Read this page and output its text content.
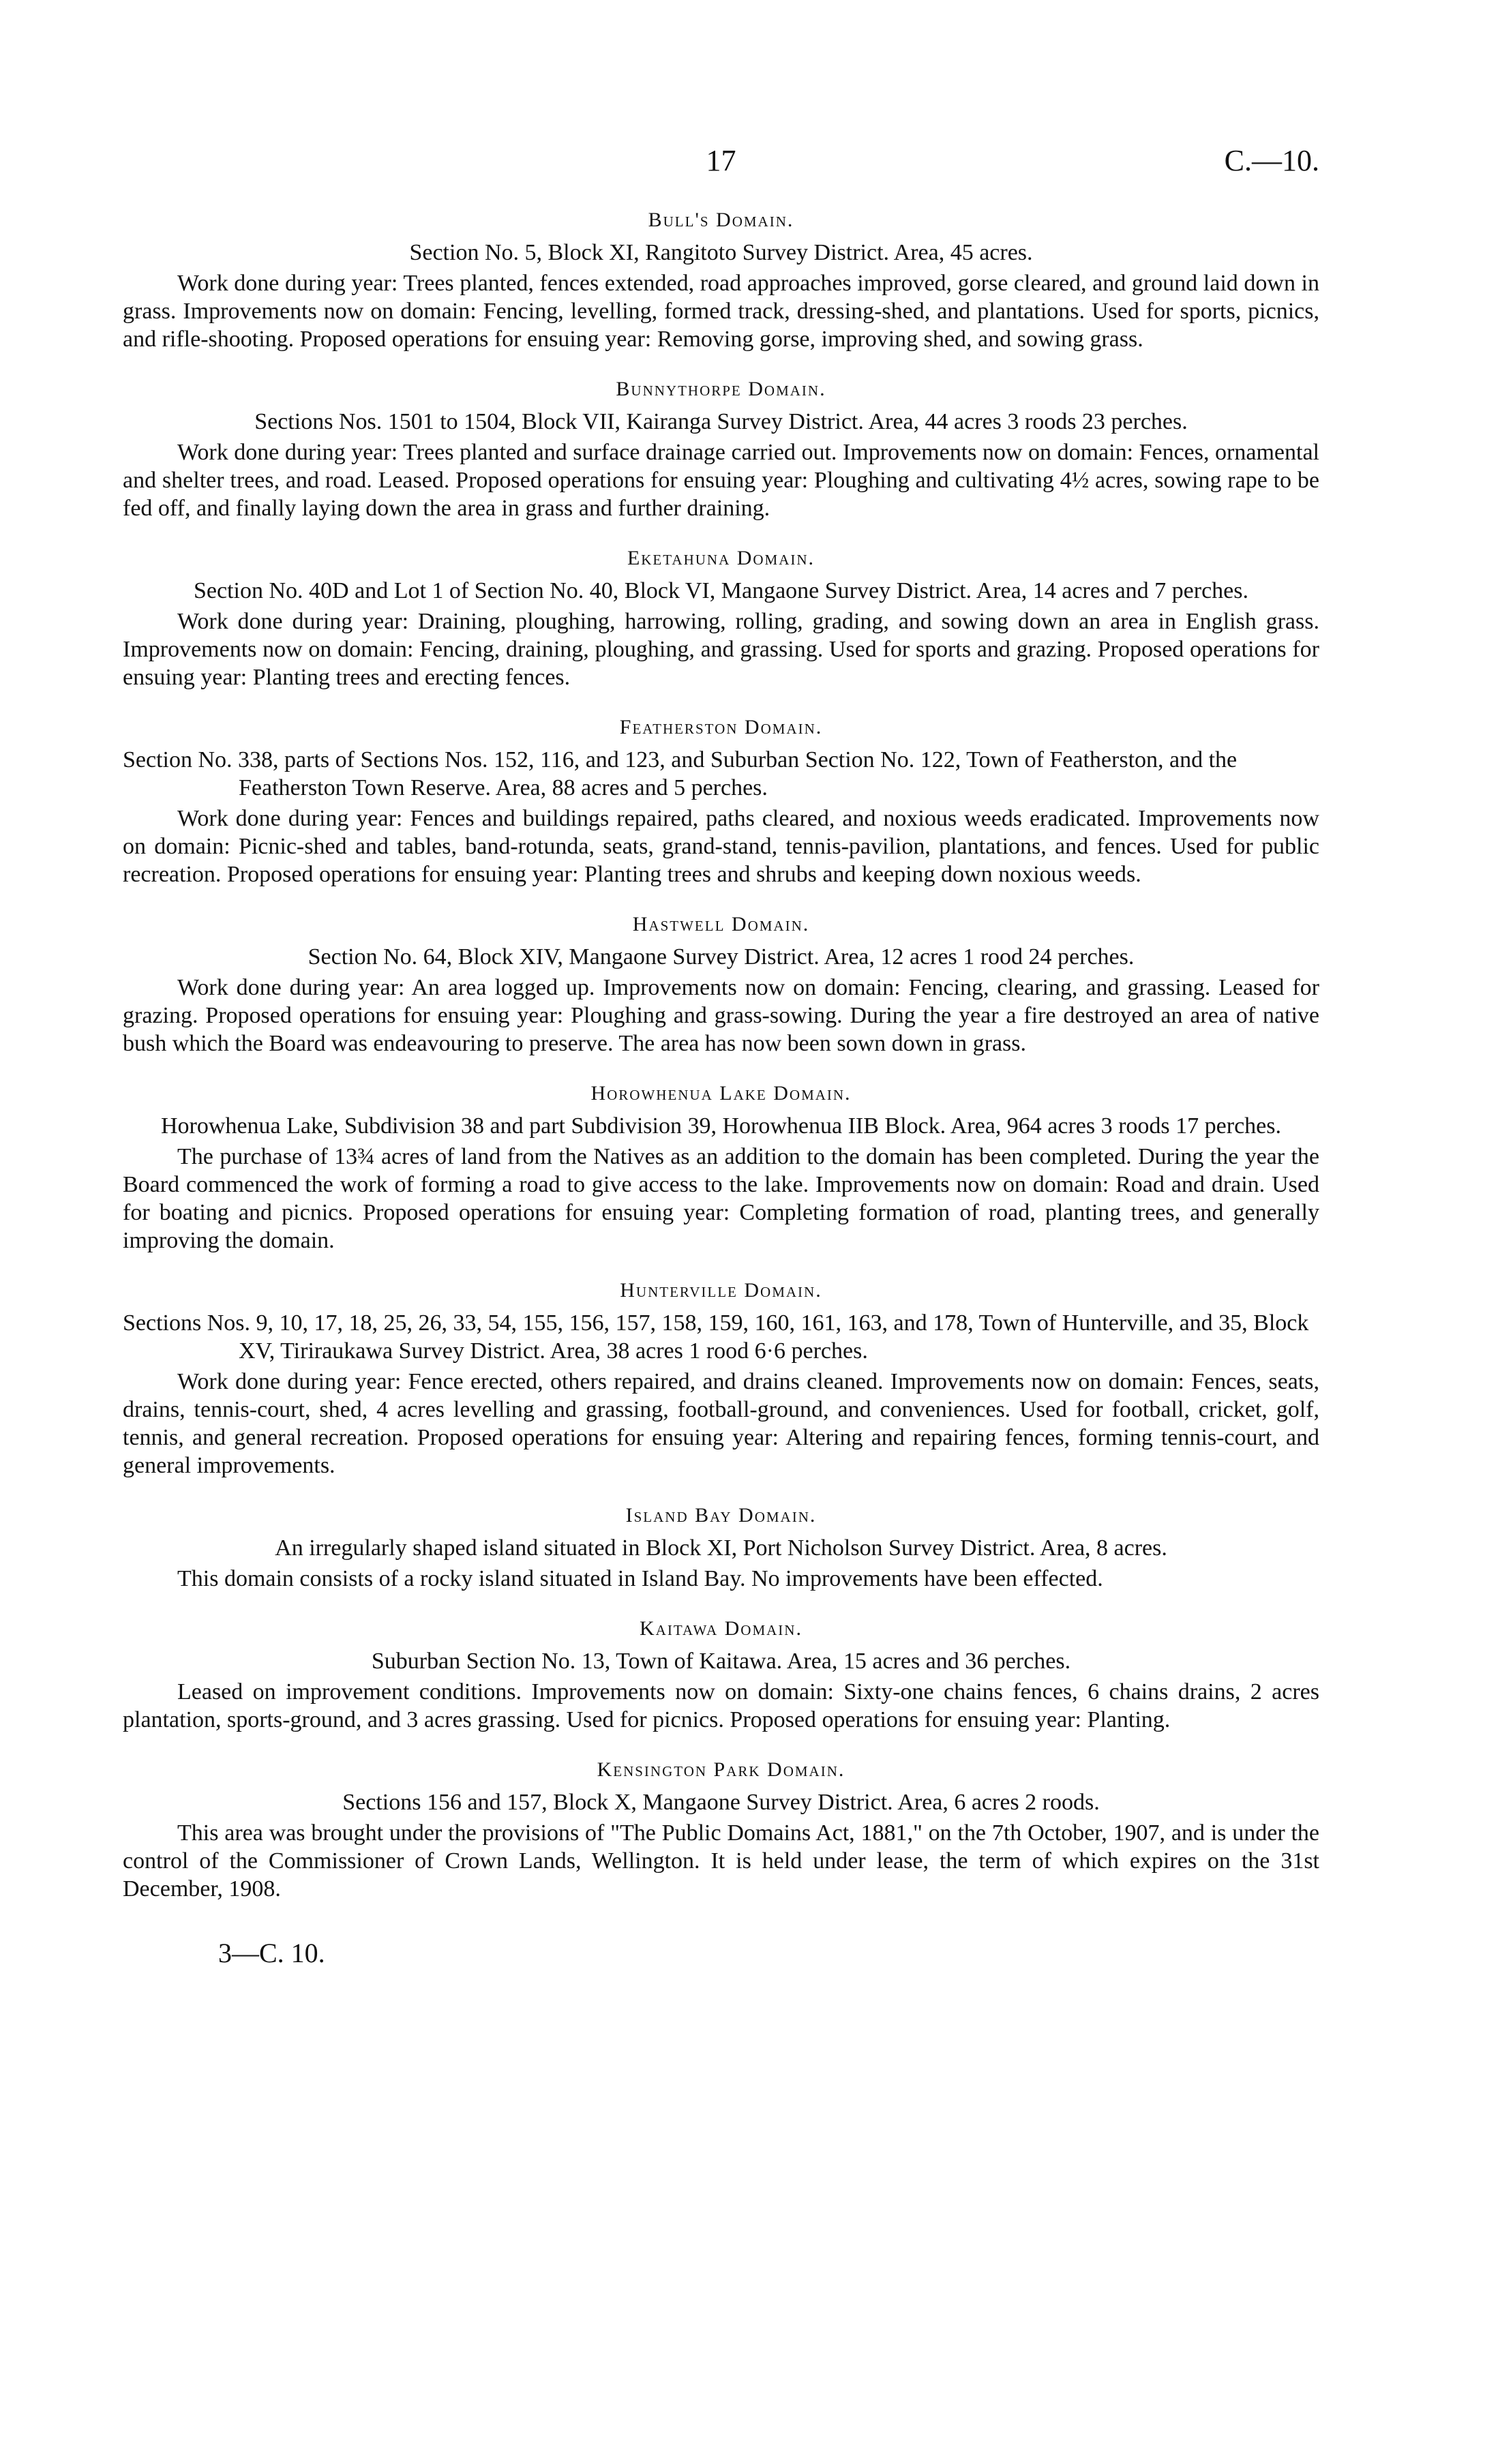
17	C.—10.

Bull's Domain.

Section No. 5, Block XI, Rangitoto Survey District. Area, 45 acres.

Work done during year: Trees planted, fences extended, road approaches improved, gorse cleared, and ground laid down in grass. Improvements now on domain: Fencing, levelling, formed track, dressing-shed, and plantations. Used for sports, picnics, and rifle-shooting. Proposed operations for ensuing year: Removing gorse, improving shed, and sowing grass.

Bunnythorpe Domain.

Sections Nos. 1501 to 1504, Block VII, Kairanga Survey District. Area, 44 acres 3 roods 23 perches.

Work done during year: Trees planted and surface drainage carried out. Improvements now on domain: Fences, ornamental and shelter trees, and road. Leased. Proposed operations for ensuing year: Ploughing and cultivating 4½ acres, sowing rape to be fed off, and finally laying down the area in grass and further draining.

Eketahuna Domain.

Section No. 40D and Lot 1 of Section No. 40, Block VI, Mangaone Survey District. Area, 14 acres and 7 perches.

Work done during year: Draining, ploughing, harrowing, rolling, grading, and sowing down an area in English grass. Improvements now on domain: Fencing, draining, ploughing, and grassing. Used for sports and grazing. Proposed operations for ensuing year: Planting trees and erecting fences.

Featherston Domain.

Section No. 338, parts of Sections Nos. 152, 116, and 123, and Suburban Section No. 122, Town of Featherston, and the Featherston Town Reserve. Area, 88 acres and 5 perches.

Work done during year: Fences and buildings repaired, paths cleared, and noxious weeds eradicated. Improvements now on domain: Picnic-shed and tables, band-rotunda, seats, grand-stand, tennis-pavilion, plantations, and fences. Used for public recreation. Proposed operations for ensuing year: Planting trees and shrubs and keeping down noxious weeds.

Hastwell Domain.

Section No. 64, Block XIV, Mangaone Survey District. Area, 12 acres 1 rood 24 perches.

Work done during year: An area logged up. Improvements now on domain: Fencing, clearing, and grassing. Leased for grazing. Proposed operations for ensuing year: Ploughing and grass-sowing. During the year a fire destroyed an area of native bush which the Board was endeavouring to preserve. The area has now been sown down in grass.

Horowhenua Lake Domain.

Horowhenua Lake, Subdivision 38 and part Subdivision 39, Horowhenua IIB Block. Area, 964 acres 3 roods 17 perches.

The purchase of 13¾ acres of land from the Natives as an addition to the domain has been completed. During the year the Board commenced the work of forming a road to give access to the lake. Improvements now on domain: Road and drain. Used for boating and picnics. Proposed operations for ensuing year: Completing formation of road, planting trees, and generally improving the domain.

Hunterville Domain.

Sections Nos. 9, 10, 17, 18, 25, 26, 33, 54, 155, 156, 157, 158, 159, 160, 161, 163, and 178, Town of Hunterville, and 35, Block XV, Tiriraukawa Survey District. Area, 38 acres 1 rood 6·6 perches.

Work done during year: Fence erected, others repaired, and drains cleaned. Improvements now on domain: Fences, seats, drains, tennis-court, shed, 4 acres levelling and grassing, football-ground, and conveniences. Used for football, cricket, golf, tennis, and general recreation. Proposed operations for ensuing year: Altering and repairing fences, forming tennis-court, and general improvements.

Island Bay Domain.

An irregularly shaped island situated in Block XI, Port Nicholson Survey District. Area, 8 acres.

This domain consists of a rocky island situated in Island Bay. No improvements have been effected.

Kaitawa Domain.

Suburban Section No. 13, Town of Kaitawa. Area, 15 acres and 36 perches.

Leased on improvement conditions. Improvements now on domain: Sixty-one chains fences, 6 chains drains, 2 acres plantation, sports-ground, and 3 acres grassing. Used for picnics. Proposed operations for ensuing year: Planting.

Kensington Park Domain.

Sections 156 and 157, Block X, Mangaone Survey District. Area, 6 acres 2 roods.

This area was brought under the provisions of "The Public Domains Act, 1881," on the 7th October, 1907, and is under the control of the Commissioner of Crown Lands, Wellington. It is held under lease, the term of which expires on the 31st December, 1908.

3—C. 10.
